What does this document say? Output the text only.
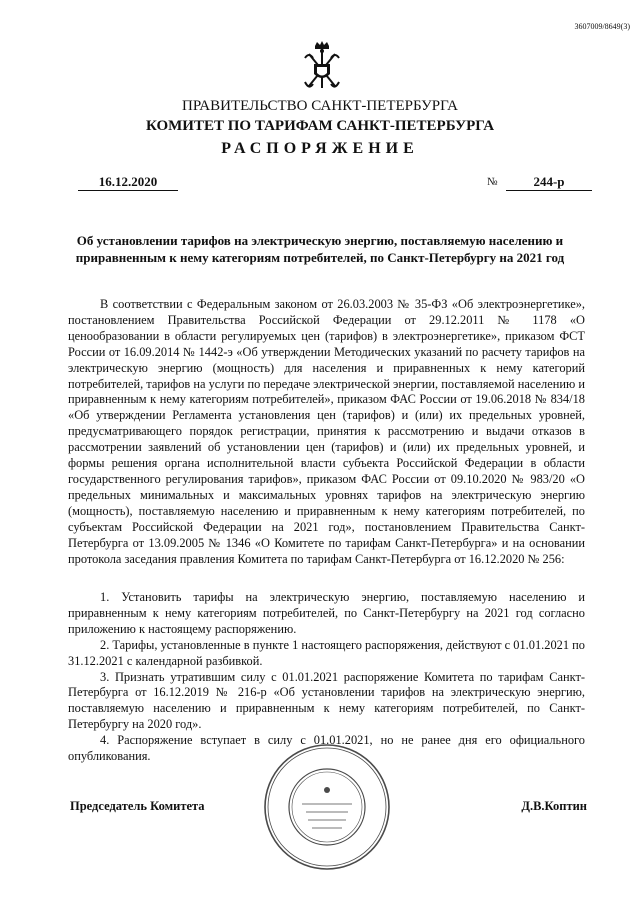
3607009/8649(3)
ПРАВИТЕЛЬСТВО САНКТ-ПЕТЕРБУРГА
КОМИТЕТ ПО ТАРИФАМ САНКТ-ПЕТЕРБУРГА
РАСПОРЯЖЕНИЕ
16.12.2020	№	244-р
Об установлении тарифов на электрическую энергию, поставляемую населению и приравненным к нему категориям потребителей, по Санкт-Петербургу на 2021 год

В соответствии с Федеральным законом от 26.03.2003 № 35-ФЗ «Об электроэнергетике», постановлением Правительства Российской Федерации от 29.12.2011 № 1178 «О ценообразовании в области регулируемых цен (тарифов) в электроэнергетике», приказом ФСТ России от 16.09.2014 № 1442-э «Об утверждении Методических указаний по расчету тарифов на электрическую энергию (мощность) для населения и приравненных к нему категорий потребителей, тарифов на услуги по передаче электрической энергии, поставляемой населению и приравненным к нему категориям потребителей», приказом ФАС России от 19.06.2018 № 834/18 «Об утверждении Регламента установления цен (тарифов) и (или) их предельных уровней, предусматривающего порядок регистрации, принятия к рассмотрению и выдачи отказов в рассмотрении заявлений об установлении цен (тарифов) и (или) их предельных уровней, и формы решения органа исполнительной власти субъекта Российской Федерации в области государственного регулирования тарифов», приказом ФАС России от 09.10.2020 № 983/20 «О предельных минимальных и максимальных уровнях тарифов на электрическую энергию (мощность), поставляемую населению и приравненным к нему категориям потребителей, по субъектам Российской Федерации на 2021 год», постановлением Правительства Санкт-Петербурга от 13.09.2005 № 1346 «О Комитете по тарифам Санкт-Петербурга» и на основании протокола заседания правления Комитета по тарифам Санкт-Петербурга от 16.12.2020 № 256:

1. Установить тарифы на электрическую энергию, поставляемую населению и приравненным к нему категориям потребителей, по Санкт-Петербургу на 2021 год согласно приложению к настоящему распоряжению.

2. Тарифы, установленные в пункте 1 настоящего распоряжения, действуют с 01.01.2021 по 31.12.2021 с календарной разбивкой.

3. Признать утратившим силу с 01.01.2021 распоряжение Комитета по тарифам Санкт-Петербурга от 16.12.2019 № 216-р «Об установлении тарифов на электрическую энергию, поставляемую населению и приравненным к нему категориям потребителей, по Санкт-Петербургу на 2020 год».

4. Распоряжение вступает в силу с 01.01.2021, но не ранее дня его официального опубликования.

Председатель Комитета	Д.В.Коптин
